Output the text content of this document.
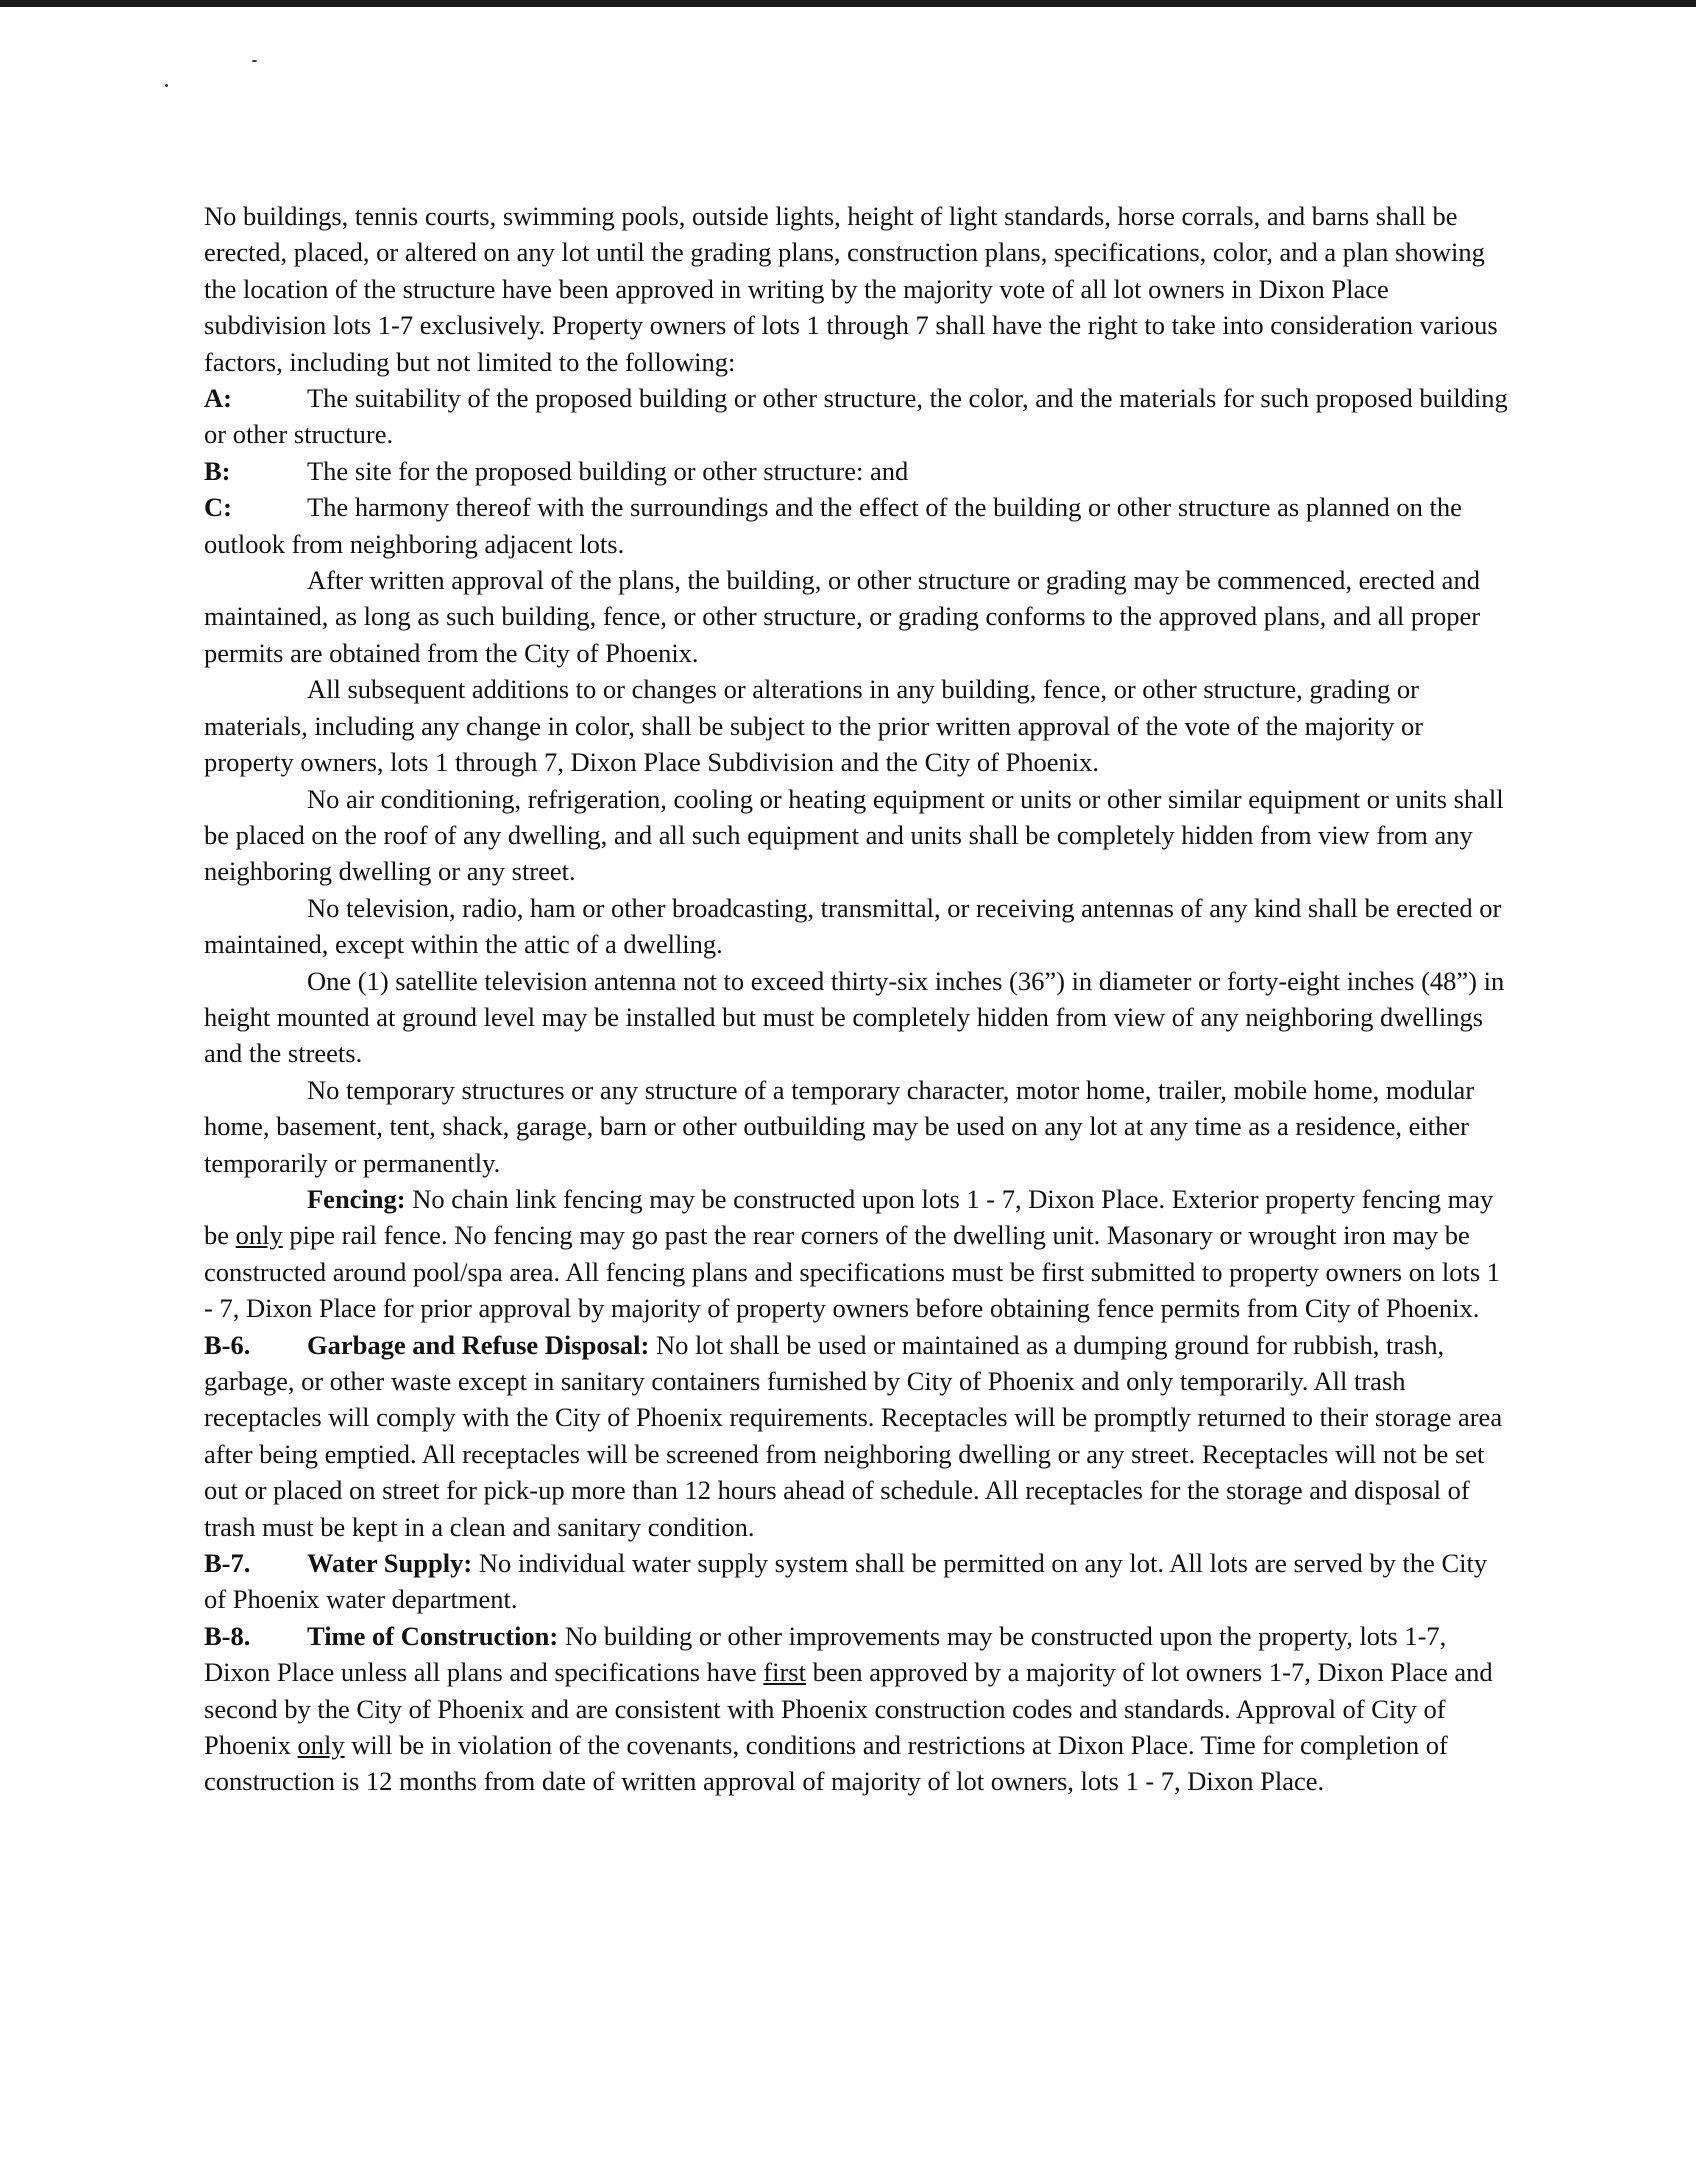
No buildings, tennis courts, swimming pools, outside lights, height of light standards, horse corrals, and barns shall be erected, placed, or altered on any lot until the grading plans, construction plans, specifications, color, and a plan showing the location of the structure have been approved in writing by the majority vote of all lot owners in Dixon Place subdivision lots 1-7 exclusively. Property owners of lots 1 through 7 shall have the right to take into consideration various factors, including but not limited to the following:

A:	The suitability of the proposed building or other structure, the color, and the materials for such proposed building or other structure.

B:	The site for the proposed building or other structure: and

C:	The harmony thereof with the surroundings and the effect of the building or other structure as planned on the outlook from neighboring adjacent lots.

After written approval of the plans, the building, or other structure or grading may be commenced, erected and maintained, as long as such building, fence, or other structure, or grading conforms to the approved plans, and all proper permits are obtained from the City of Phoenix.

All subsequent additions to or changes or alterations in any building, fence, or other structure, grading or materials, including any change in color, shall be subject to the prior written approval of the vote of the majority or property owners, lots 1 through 7, Dixon Place Subdivision and the City of Phoenix.

No air conditioning, refrigeration, cooling or heating equipment or units or other similar equipment or units shall be placed on the roof of any dwelling, and all such equipment and units shall be completely hidden from view from any neighboring dwelling or any street.

No television, radio, ham or other broadcasting, transmittal, or receiving antennas of any kind shall be erected or maintained, except within the attic of a dwelling.

One (1) satellite television antenna not to exceed thirty-six inches (36”) in diameter or forty-eight inches (48”) in height mounted at ground level may be installed but must be completely hidden from view of any neighboring dwellings and the streets.

No temporary structures or any structure of a temporary character, motor home, trailer, mobile home, modular home, basement, tent, shack, garage, barn or other outbuilding may be used on any lot at any time as a residence, either temporarily or permanently.

Fencing: No chain link fencing may be constructed upon lots 1 - 7, Dixon Place. Exterior property fencing may be only pipe rail fence. No fencing may go past the rear corners of the dwelling unit. Masonary or wrought iron may be constructed around pool/spa area. All fencing plans and specifications must be first submitted to property owners on lots 1 - 7, Dixon Place for prior approval by majority of property owners before obtaining fence permits from City of Phoenix.

B-6. Garbage and Refuse Disposal: No lot shall be used or maintained as a dumping ground for rubbish, trash, garbage, or other waste except in sanitary containers furnished by City of Phoenix and only temporarily. All trash receptacles will comply with the City of Phoenix requirements. Receptacles will be promptly returned to their storage area after being emptied. All receptacles will be screened from neighboring dwelling or any street. Receptacles will not be set out or placed on street for pick-up more than 12 hours ahead of schedule. All receptacles for the storage and disposal of trash must be kept in a clean and sanitary condition.

B-7. Water Supply: No individual water supply system shall be permitted on any lot. All lots are served by the City of Phoenix water department.

B-8. Time of Construction: No building or other improvements may be constructed upon the property, lots 1-7, Dixon Place unless all plans and specifications have first been approved by a majority of lot owners 1-7, Dixon Place and second by the City of Phoenix and are consistent with Phoenix construction codes and standards. Approval of City of Phoenix only will be in violation of the covenants, conditions and restrictions at Dixon Place. Time for completion of construction is 12 months from date of written approval of majority of lot owners, lots 1 - 7, Dixon Place.
